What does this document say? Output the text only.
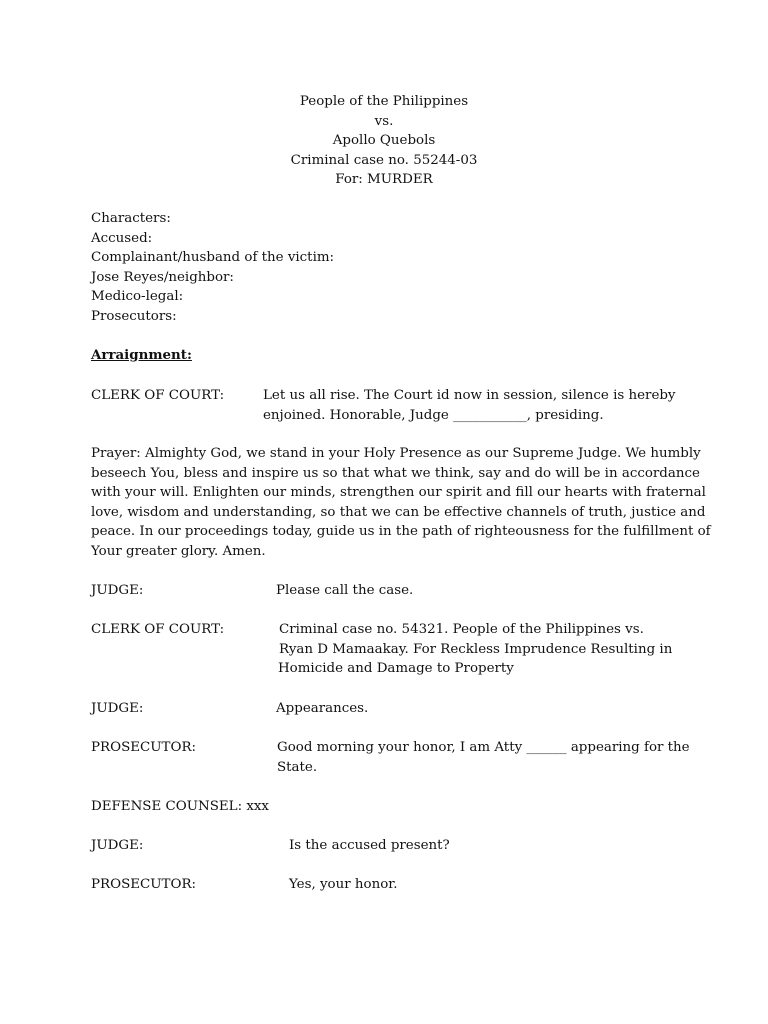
People of the Philippines
vs.
Apollo Quebols
Criminal case no. 55244-03
For: MURDER
Characters:
Accused:
Complainant/husband of the victim:
Jose Reyes/neighbor:
Medico-legal:
Prosecutors:
Arraignment:
CLERK OF COURT:	Let us all rise. The Court id now in session, silence is hereby
enjoined. Honorable, Judge ___________, presiding.
Prayer: Almighty God, we stand in your Holy Presence as our Supreme Judge. We humbly
beseech You, bless and inspire us so that what we think, say and do will be in accordance
with your will. Enlighten our minds, strengthen our spirit and fill our hearts with fraternal
love, wisdom and understanding, so that we can be effective channels of truth, justice and
peace. In our proceedings today, guide us in the path of righteousness for the fulfillment of
Your greater glory. Amen.
JUDGE:	Please call the case.
CLERK OF COURT:	Criminal case no. 54321. People of the Philippines vs.
Ryan D Mamaakay. For Reckless Imprudence Resulting in
Homicide and Damage to Property
JUDGE:	Appearances.
PROSECUTOR:	Good morning your honor, I am Atty ______ appearing for the
State.
DEFENSE COUNSEL: xxx
JUDGE:	Is the accused present?
PROSECUTOR:	Yes, your honor.
